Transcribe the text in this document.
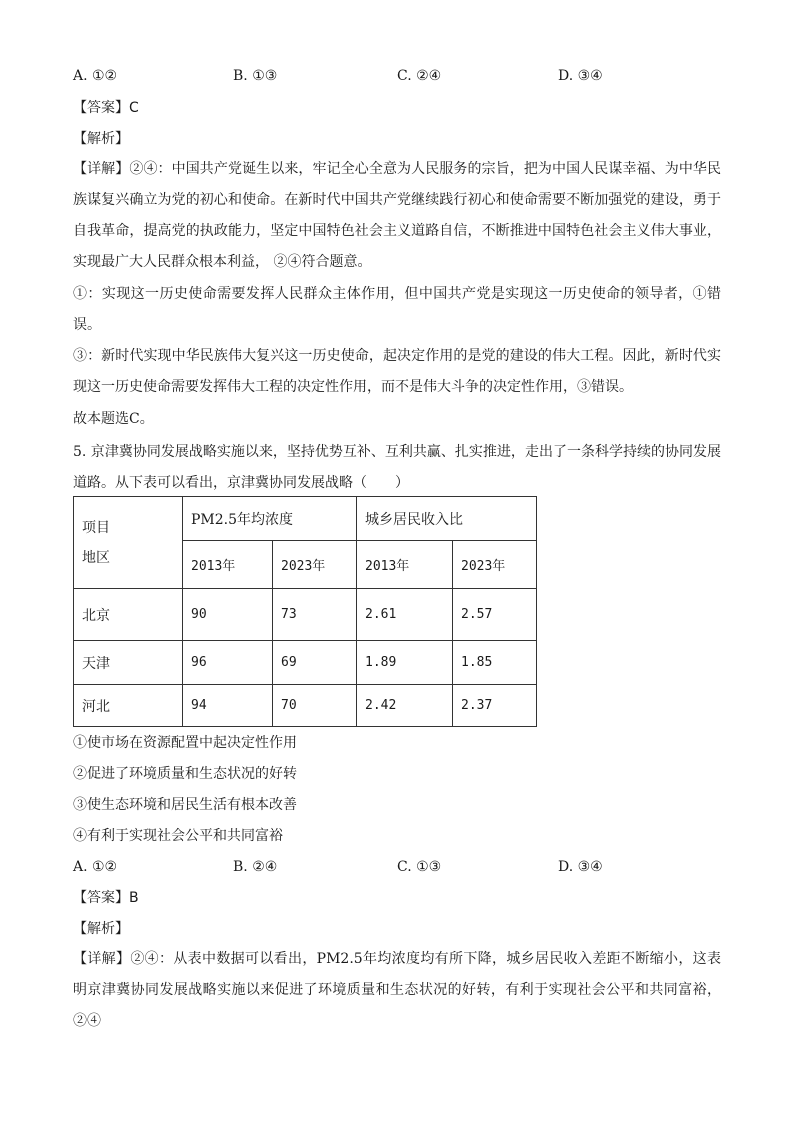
A. ①②	B. ①③	C. ②④	D. ③④
【答案】C
【解析】
【详解】②④：中国共产党诞生以来，牢记全心全意为人民服务的宗旨，把为中国人民谋幸福、为中华民族谋复兴确立为党的初心和使命。在新时代中国共产党继续践行初心和使命需要不断加强党的建设，勇于自我革命，提高党的执政能力，坚定中国特色社会主义道路自信，不断推进中国特色社会主义伟大事业，实现最广大人民群众根本利益， ②④符合题意。
①：实现这一历史使命需要发挥人民群众主体作用，但中国共产党是实现这一历史使命的领导者，①错误。
③：新时代实现中华民族伟大复兴这一历史使命，起决定作用的是党的建设的伟大工程。因此，新时代实现这一历史使命需要发挥伟大工程的决定性作用，而不是伟大斗争的决定性作用，③错误。
故本题选C。
5. 京津冀协同发展战略实施以来，坚持优势互补、互利共赢、扎实推进，走出了一条科学持续的协同发展道路。从下表可以看出，京津冀协同发展战略（　　）
项目
地区	PM2.5年均浓度		城乡居民收入比	
	2013年	2023年	2013年	2023年
北京	90	73	2.61	2.57
天津	96	69	1.89	1.85
河北	94	70	2.42	2.37
①使市场在资源配置中起决定性作用
②促进了环境质量和生态状况的好转
③使生态环境和居民生活有根本改善
④有利于实现社会公平和共同富裕
A. ①②	B. ②④	C. ①③	D. ③④
【答案】B
【解析】
【详解】②④：从表中数据可以看出，PM2.5年均浓度均有所下降，城乡居民收入差距不断缩小，这表明京津冀协同发展战略实施以来促进了环境质量和生态状况的好转，有利于实现社会公平和共同富裕，②④
